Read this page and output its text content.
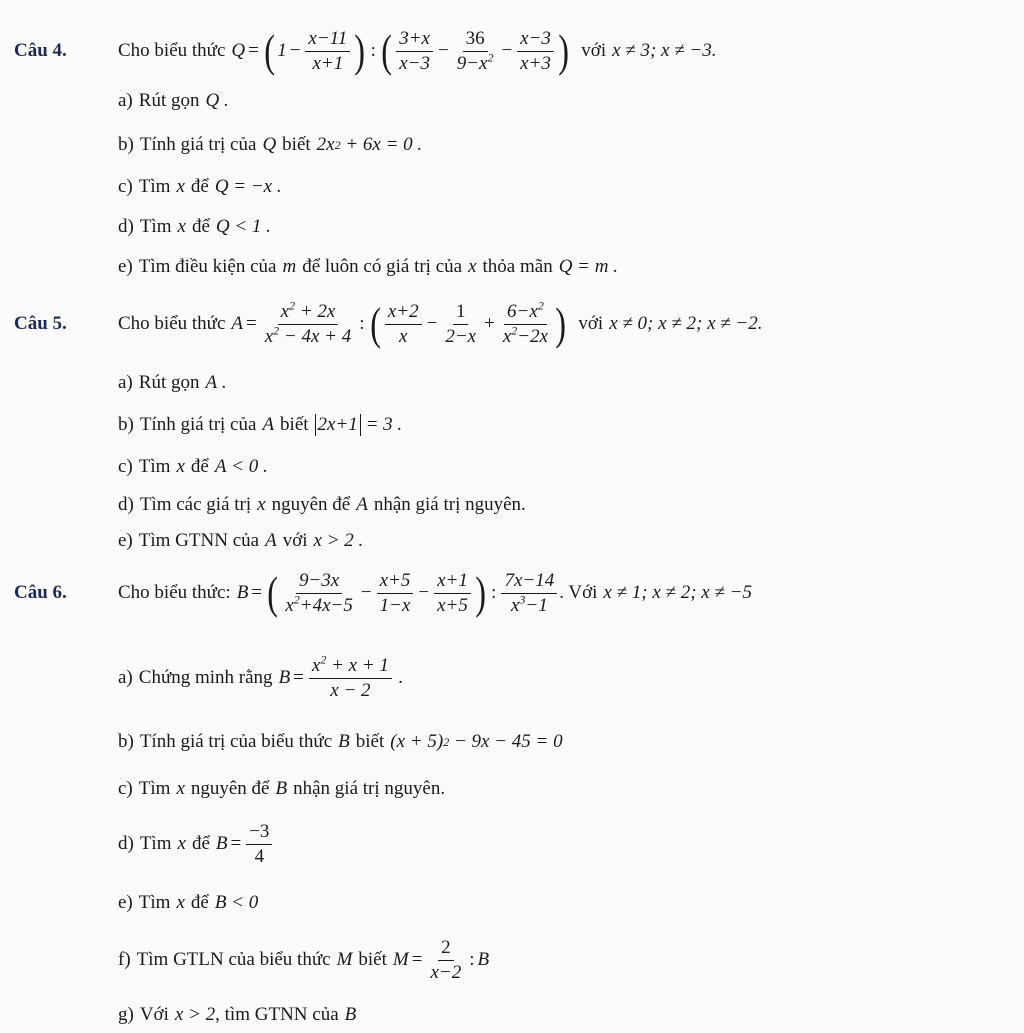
Câu 4.	Cho biểu thức Q = ( $1 - \frac{x-11}{x+1}$ ) : ( $\frac{3+x}{x-3} - \frac{36}{9-x^2} - \frac{x-3}{x+3}$ ) với x ≠ 3; x ≠ −3.
a) Rút gọn Q .
b) Tính giá trị của Q biết 2x 2 + 6x = 0 .
c) Tìm x để Q = −x .
d) Tìm x để Q < 1 .
e) Tìm điều kiện của m để luôn có giá trị của x thỏa mãn Q = m .
Câu 5.	Cho biểu thức $A = \frac{x^2 + 2x}{x^2 - 4x + 4}$ : ( $\frac{x+2}{x} - \frac{1}{2-x} + \frac{6-x^2}{x^2-2x}$ ) với x ≠ 0; x ≠ 2; x ≠ −2.
a) Rút gọn A .
b) Tính giá trị của A biết 2x+1 = 3 .
c) Tìm x để A < 0 .
d) Tìm các giá trị x nguyên để A nhận giá trị nguyên.
e) Tìm GTNN của A với x > 2 .
Câu 6.	Cho biểu thức: B = ( $\frac{9-3x}{x^2+4x-5} - \frac{x+5}{1-x} - \frac{x+1}{x+5}$ ) : $\frac{7x-14}{x^3-1}$ . Với x ≠ 1; x ≠ 2; x ≠ −5
a) Chứng minh rằng $B = \frac{x^2 + x + 1}{x - 2}$ .
b) Tính giá trị của biểu thức B biết (x + 5) 2 − 9x − 45 = 0
c) Tìm x nguyên để B nhận giá trị nguyên.
d) Tìm x để $B = \frac{-3}{4}$
e) Tìm x để B < 0
f) Tìm GTLN của biểu thức M biết $M = \frac{2}{x-2}$ : B
g) Với x > 2 , tìm GTNN của B
